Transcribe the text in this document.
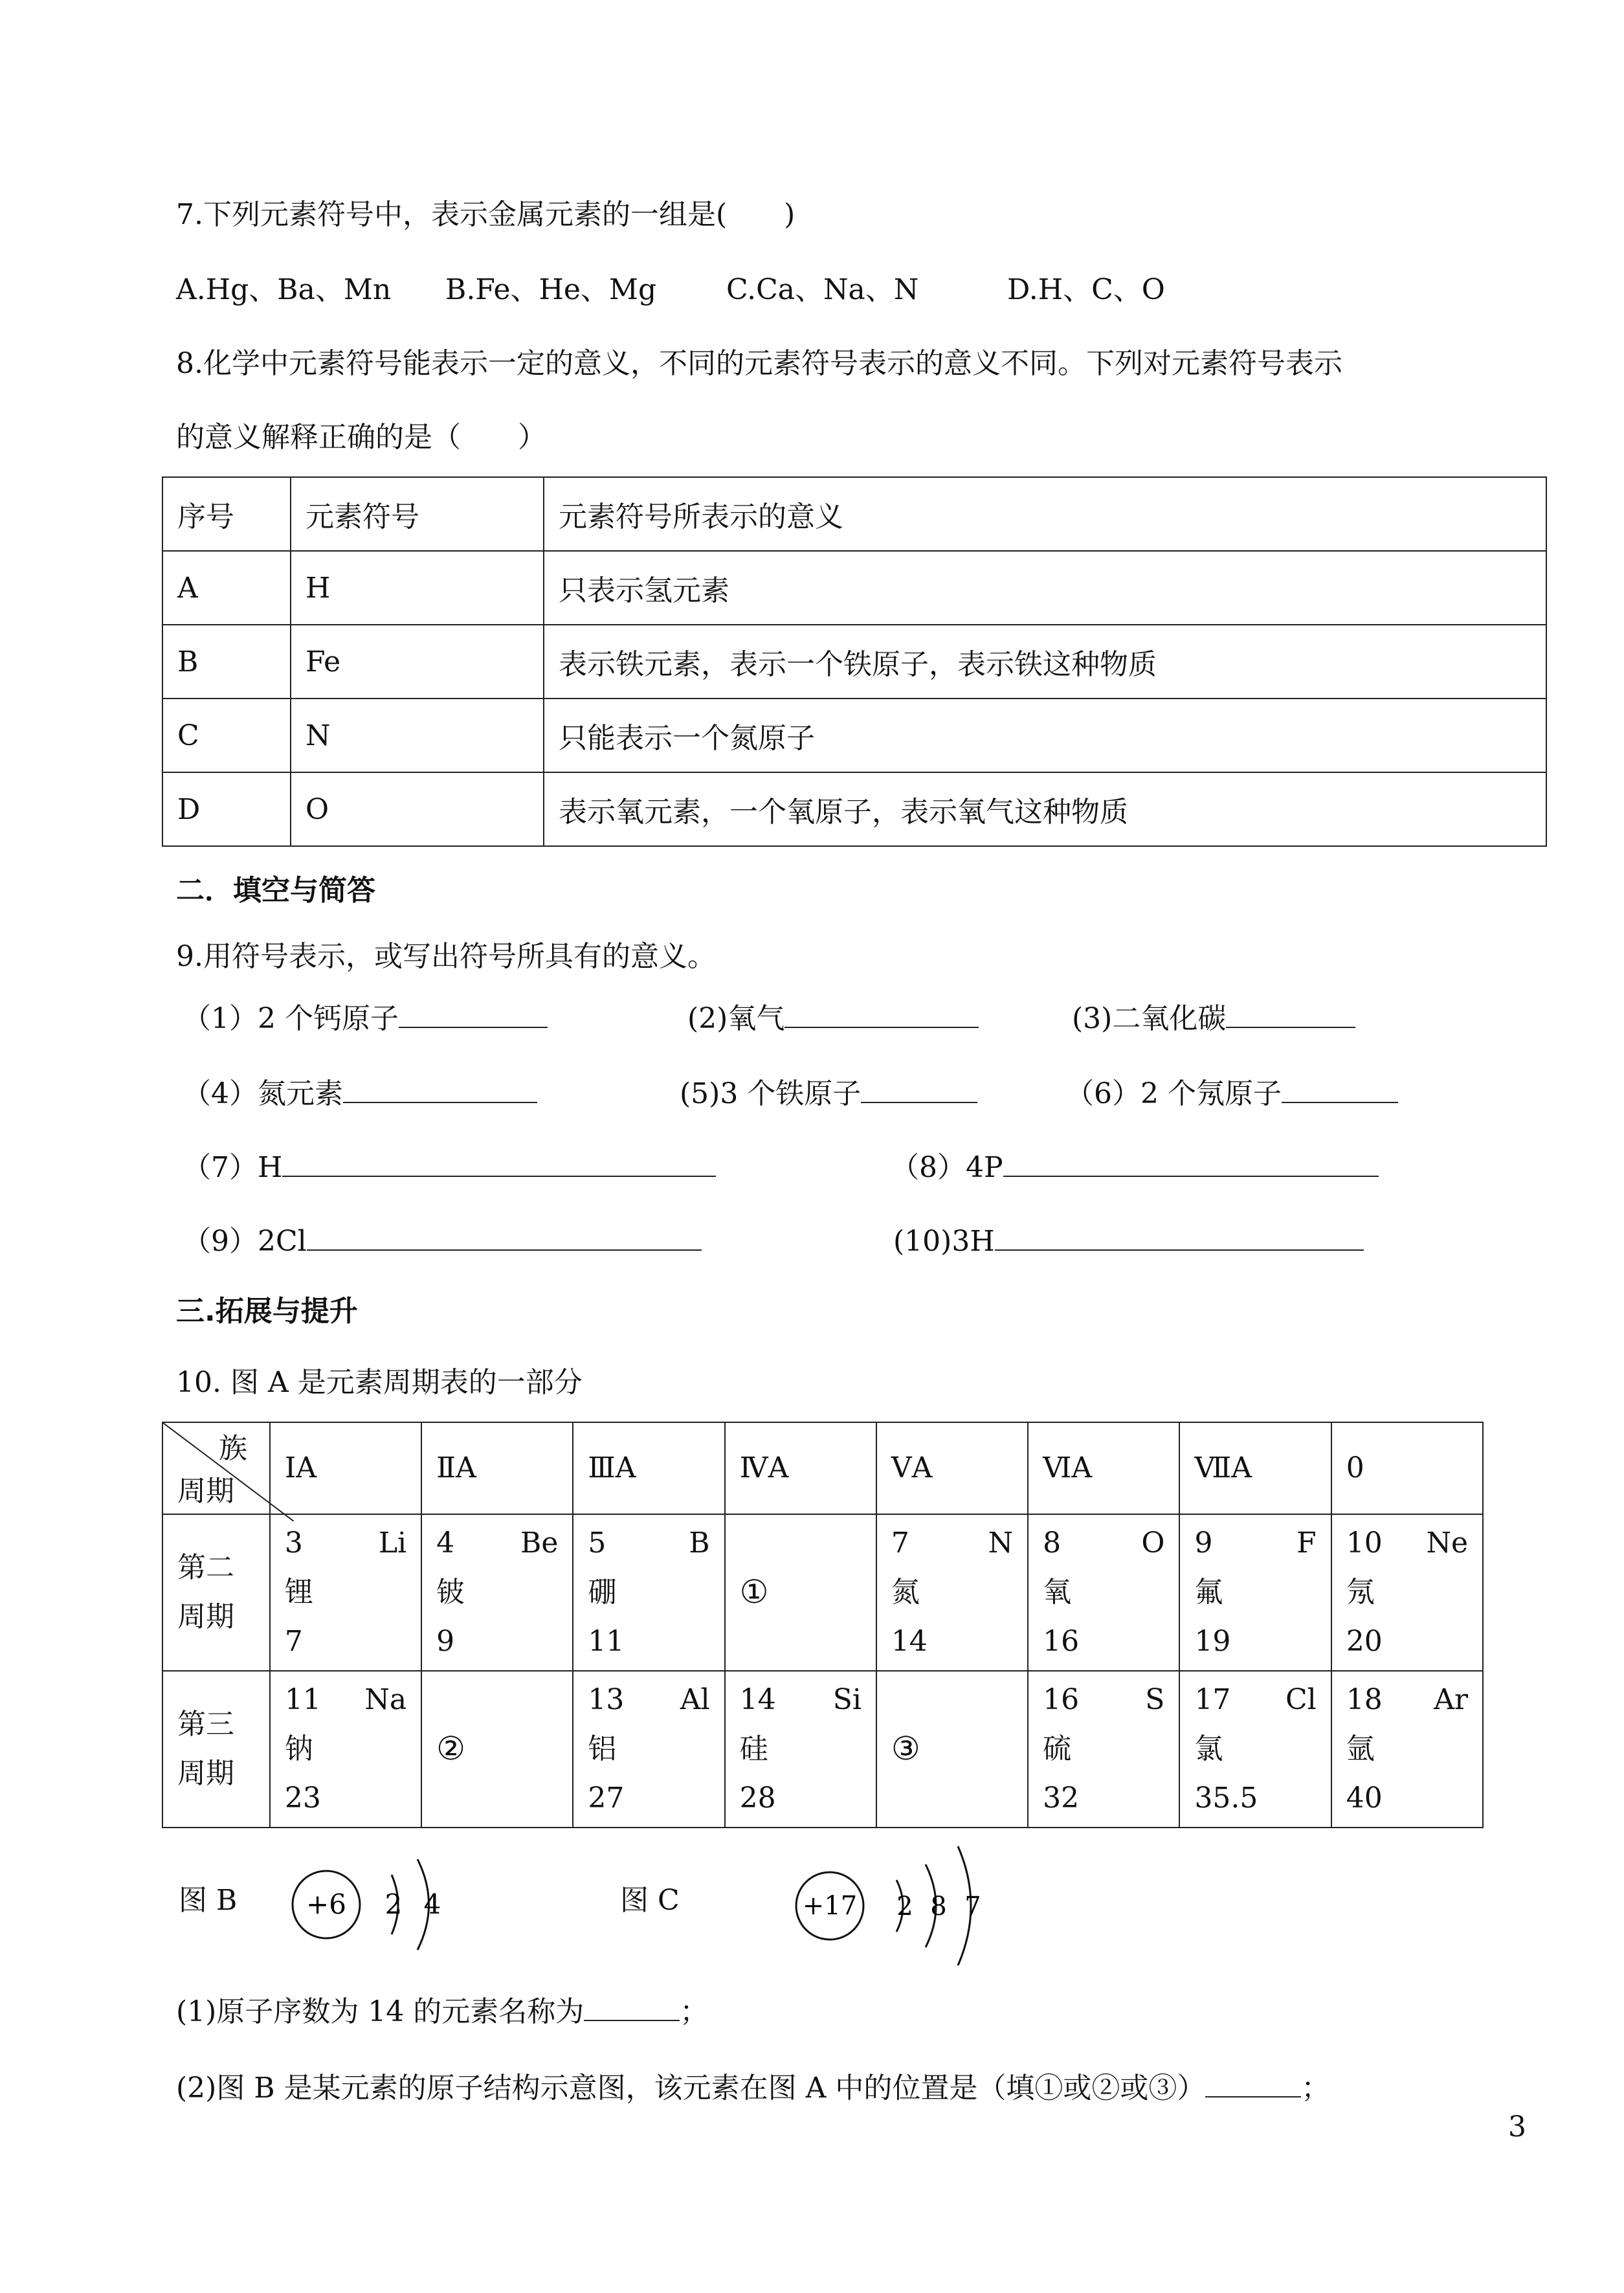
7.下列元素符号中，表示金属元素的一组是(　　)
A.Hg、Ba、Mn B.Fe、He、Mg C.Ca、Na、N	D.H、C、O
8.化学中元素符号能表示一定的意义，不同的元素符号表示的意义不同。下列对元素符号表示
的意义解释正确的是（　　）
序号	元素符号	元素符号所表示的意义
A	H	只表示氢元素
B	Fe	表示铁元素，表示一个铁原子，表示铁这种物质
C	N	只能表示一个氮原子
D	O	表示氧元素，一个氧原子，表示氧气这种物质
二．填空与简答
9.用符号表示，或写出符号所具有的意义。
（1）2 个钙原子	(2)氧气	(3)二氧化碳
（4）氮元素	(5)3 个铁原子	（6）2 个氖原子
（7）H	（8）4P
（9）2Cl	(10)3H
三.拓展与提升
10. 图 A 是元素周期表的一部分
族
周期	ⅠA	ⅡA	ⅢA	ⅣA	ⅤA	ⅥA	ⅦA	0
第二
周期	3 Li
锂
7	4 Be
铍
9	5 B
硼
11	①	7 N
氮
14	8 O
氧
16	9 F
氟
19	10 Ne
氖
20

第三
周期	11 Na
钠
23	②	13 Al
铝
27	14 Si
硅
28	③	16 S
硫
32	17 Cl
氯
35.5	18 Ar
氩
40
图 B	+6 2 4	图 C	+17 2 8 7
(1)原子序数为 14 的元素名称为	；
(2)图 B 是某元素的原子结构示意图，该元素在图 A 中的位置是（填①或②或③）	；
3
